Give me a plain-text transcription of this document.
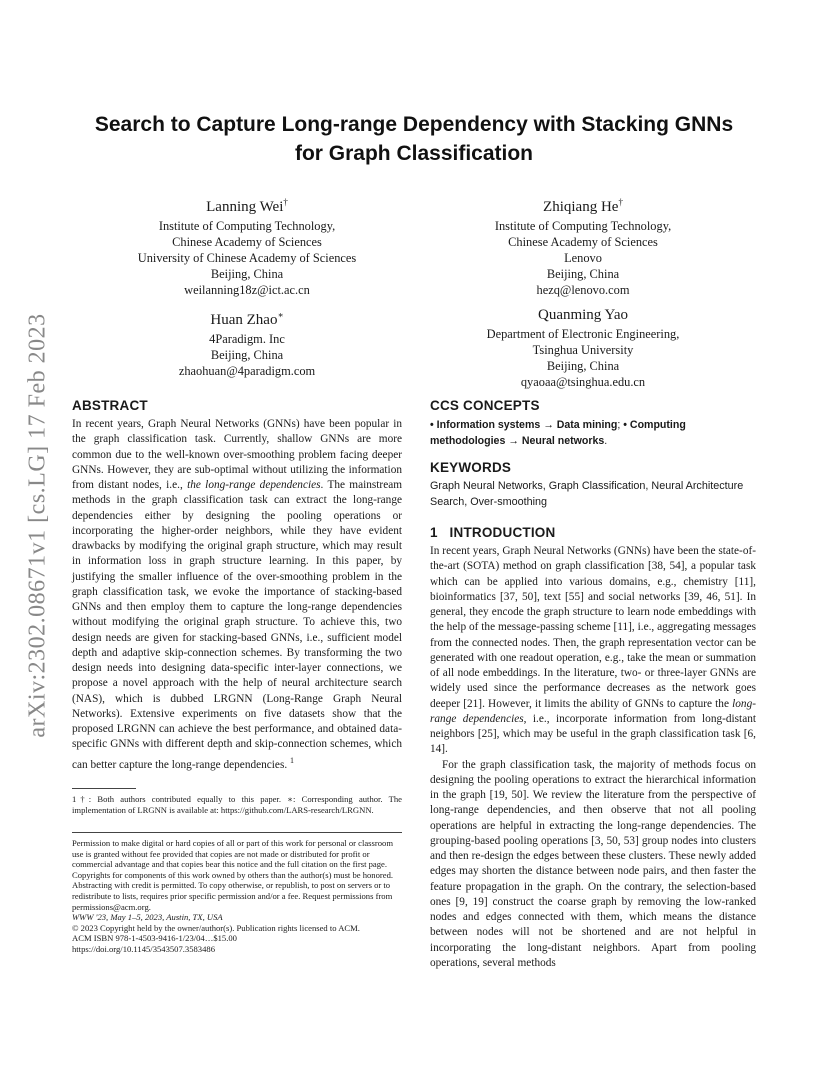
arXiv:2302.08671v1 [cs.LG] 17 Feb 2023
Search to Capture Long-range Dependency with Stacking GNNs
for Graph Classification
Lanning Wei†
Institute of Computing Technology,
Chinese Academy of Sciences
University of Chinese Academy of Sciences
Beijing, China
weilanning18z@ict.ac.cn
Zhiqiang He†
Institute of Computing Technology,
Chinese Academy of Sciences
Lenovo
Beijing, China
hezq@lenovo.com
Huan Zhao∗
4Paradigm. Inc
Beijing, China
zhaohuan@4paradigm.com
Quanming Yao
Department of Electronic Engineering,
Tsinghua University
Beijing, China
qyaoaa@tsinghua.edu.cn
ABSTRACT

In recent years, Graph Neural Networks (GNNs) have been popular in the graph classification task. Currently, shallow GNNs are more common due to the well-known over-smoothing problem facing deeper GNNs. However, they are sub-optimal without utilizing the information from distant nodes, i.e., the long-range dependencies. The mainstream methods in the graph classification task can extract the long-range dependencies either by designing the pooling operations or incorporating the higher-order neighbors, while they have evident drawbacks by modifying the original graph structure, which may result in information loss in graph structure learning. In this paper, by justifying the smaller influence of the over-smoothing problem in the graph classification task, we evoke the importance of stacking-based GNNs and then employ them to capture the long-range dependencies without modifying the original graph structure. To achieve this, two design needs are given for stacking-based GNNs, i.e., sufficient model depth and adaptive skip-connection schemes. By transforming the two design needs into designing data-specific inter-layer connections, we propose a novel approach with the help of neural architecture search (NAS), which is dubbed LRGNN (Long-Range Graph Neural Networks). Extensive experiments on five datasets show that the proposed LRGNN can achieve the best performance, and obtained data-specific GNNs with different depth and skip-connection schemes, which can better capture the long-range dependencies. $^1$

1†: Both authors contributed equally to this paper. ∗: Corresponding author. The implementation of LRGNN is available at: https://github.com/LARS-research/LRGNN.

Permission to make digital or hard copies of all or part of this work for personal or classroom use is granted without fee provided that copies are not made or distributed for profit or commercial advantage and that copies bear this notice and the full citation on the first page. Copyrights for components of this work owned by others than the author(s) must be honored. Abstracting with credit is permitted. To copy otherwise, or republish, to post on servers or to redistribute to lists, requires prior specific permission and/or a fee. Request permissions from permissions@acm.org.

WWW '23, May 1–5, 2023, Austin, TX, USA

© 2023 Copyright held by the owner/author(s). Publication rights licensed to ACM.

ACM ISBN 978-1-4503-9416-1/23/04…$15.00

https://doi.org/10.1145/3543507.3583486

CCS CONCEPTS

• Information systems → Data mining; • Computing methodologies → Neural networks.

KEYWORDS

Graph Neural Networks, Graph Classification, Neural Architecture Search, Over-smoothing

1   INTRODUCTION

In recent years, Graph Neural Networks (GNNs) have been the state-of-the-art (SOTA) method on graph classification [38, 54], a popular task which can be applied into various domains, e.g., chemistry [11], bioinformatics [37, 50], text [55] and social networks [39, 46, 51]. In general, they encode the graph structure to learn node embeddings with the help of the message-passing scheme [11], i.e., aggregating messages from the connected nodes. Then, the graph representation vector can be generated with one readout operation, e.g., take the mean or summation of all node embeddings. In the literature, two- or three-layer GNNs are widely used since the performance decreases as the network goes deeper [21]. However, it limits the ability of GNNs to capture the long-range dependencies, i.e., incorporate information from long-distant neighbors [25], which may be useful in the graph classification task [6, 14].

For the graph classification task, the majority of methods focus on designing the pooling operations to extract the hierarchical information in the graph [19, 50]. We review the literature from the perspective of long-range dependencies, and then observe that not all pooling operations are helpful in extracting the long-range dependencies. The grouping-based pooling operations [3, 50, 53] group nodes into clusters and then re-design the edges between these clusters. These newly added edges may shorten the distance between node pairs, and then faster the feature propagation in the graph. On the contrary, the selection-based ones [9, 19] construct the coarse graph by removing the low-ranked nodes and edges connected with them, which means the distance between nodes will not be shortened and are not helpful in incorporating the long-distant neighbors. Apart from pooling operations, several methods
